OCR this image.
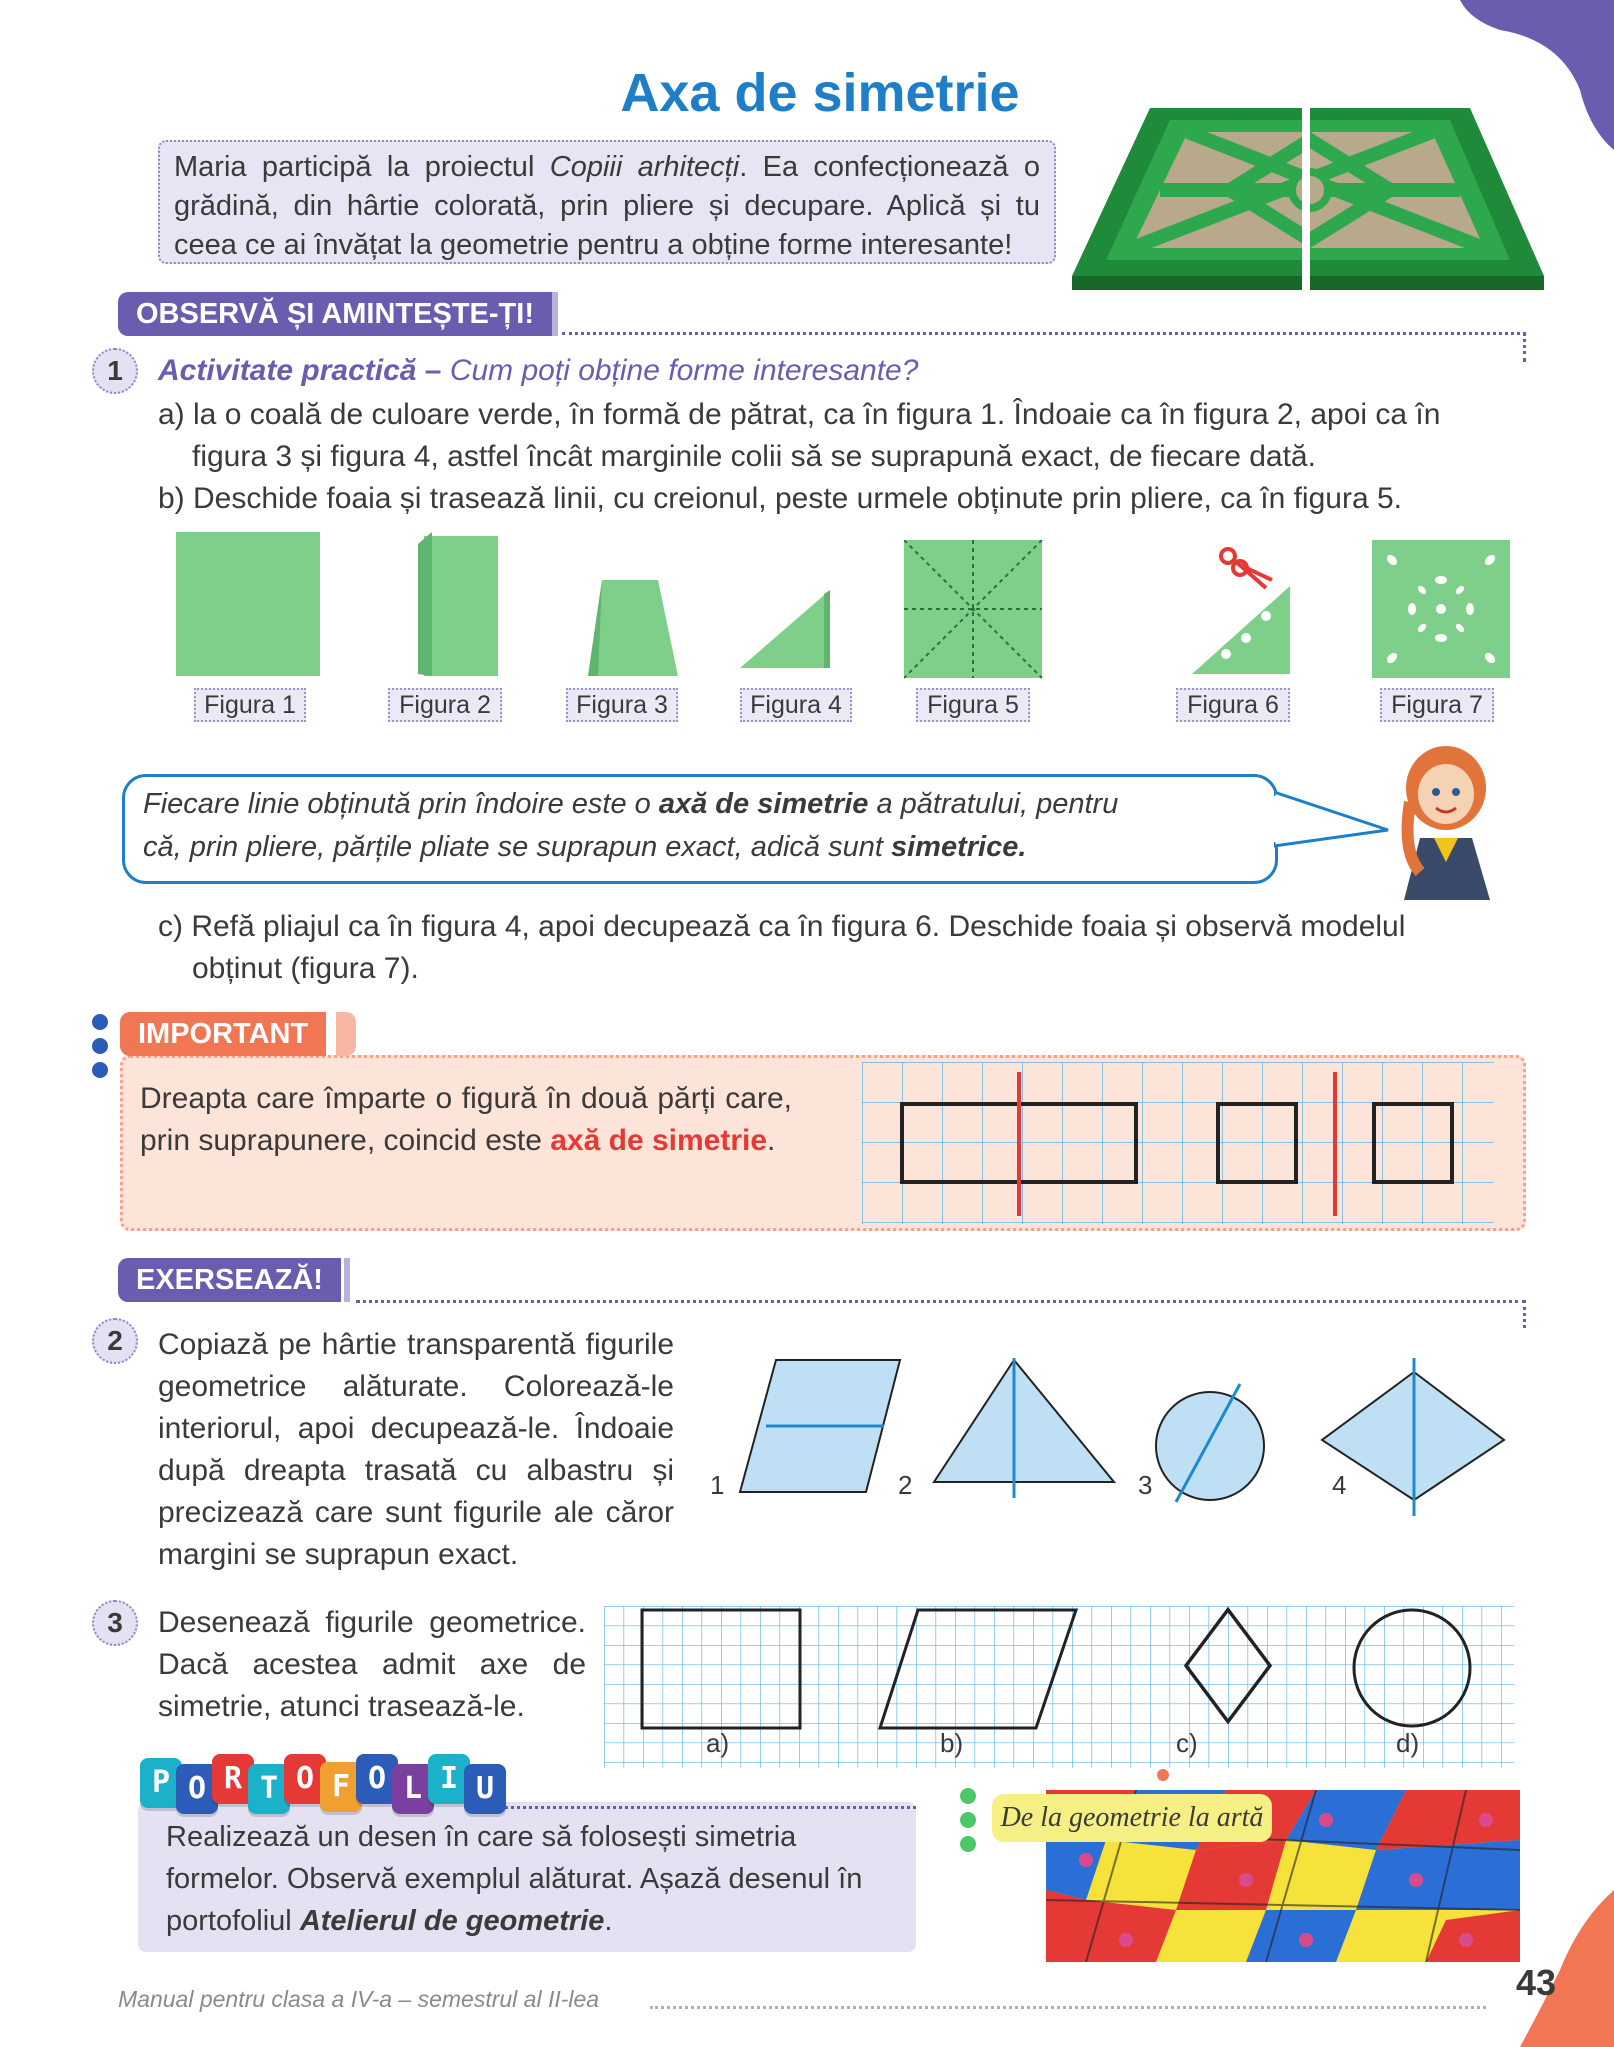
Axa de simetrie
Maria participă la proiectul Copiii arhitecți. Ea confecționează o grădină, din hârtie colorată, prin pliere și decupare. Aplică și tu ceea ce ai învățat la geometrie pentru a obține forme interesante!
OBSERVĂ ȘI AMINTEȘTE-ȚI!
1	Activitate practică – Cum poți obține forme interesante?
a) la o coală de culoare verde, în formă de pătrat, ca în figura 1. Îndoaie ca în figura 2, apoi ca în
figura 3 și figura 4, astfel încât marginile colii să se suprapună exact, de fiecare dată.
b) Deschide foaia și trasează linii, cu creionul, peste urmele obținute prin pliere, ca în figura 5.
Figura 1	Figura 2	Figura 3	Figura 4	Figura 5	Figura 6	Figura 7
Fiecare linie obținută prin îndoire este o axă de simetrie a pătratului, pentru
că, prin pliere, părțile pliate se suprapun exact, adică sunt simetrice.
c) Refă pliajul ca în figura 4, apoi decupează ca în figura 6. Deschide foaia și observă modelul
obținut (figura 7).
IMPORTANT
Dreapta care împarte o figură în două părți care, prin suprapunere, coincid este axă de simetrie.
EXERSEAZĂ!
2	Copiază pe hârtie transparentă figurile geometrice alăturate. Colorează-le interiorul, apoi decupează-le. Îndoaie după dreapta trasată cu albastru și precizează care sunt figurile ale căror margini se suprapun exact.
1	2	3	4
3	Desenează figurile geometrice. Dacă acestea admit axe de simetrie, atunci trasează-le.
a)	b)	c)	d)
Realizează un desen în care să folosești simetria formelor. Observă exemplul alăturat. Așază desenul în portofoliul Atelierul de geometrie.
P O R T O F O L I U
De la geometrie la artă
Manual pentru clasa a IV-a – semestrul al II-lea	43
